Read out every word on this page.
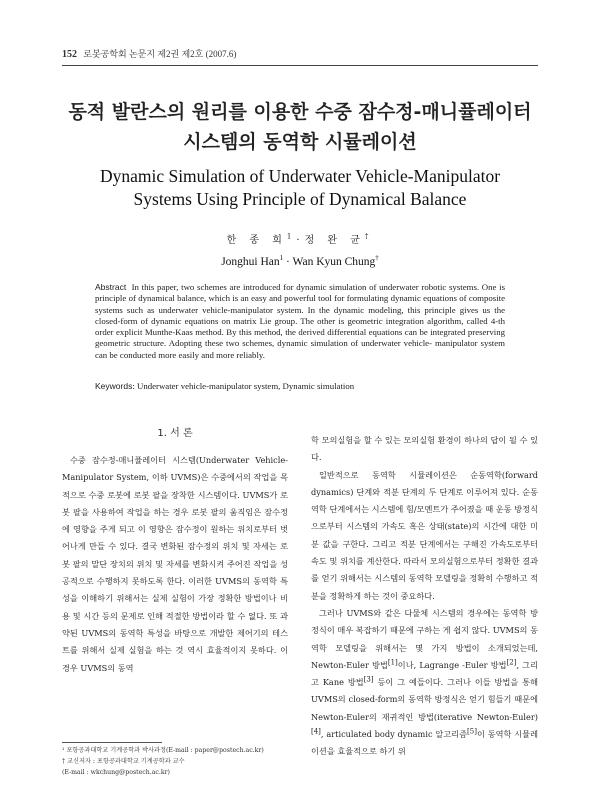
152 로봇공학회 논문지 제2권 제2호 (2007.6)
동적 발란스의 원리를 이용한 수중 잠수정-매니퓰레이터
시스템의 동역학 시뮬레이션
Dynamic Simulation of Underwater Vehicle-Manipulator
Systems Using Principle of Dynamical Balance
한 종 희$^1$·정 완 균†
Jonghui Han$^1$ · Wan Kyun Chung†
Abstract In this paper, two schemes are introduced for dynamic simulation of underwater robotic systems. One is principle of dynamical balance, which is an easy and powerful tool for formulating dynamic equations of composite systems such as underwater vehicle-manipulator system. In the dynamic modeling, this principle gives us the closed-form of dynamic equations on matrix Lie group. The other is geometric integration algorithm, called 4-th order explicit Munthe-Kaas method. By this method, the derived differential equations can be integrated preserving geometric structure. Adopting these two schemes, dynamic simulation of underwater vehicle- manipulator system can be conducted more easily and more reliably.
Keywords: Underwater vehicle-manipulator system, Dynamic simulation
1. 서 론

수중 잠수정-매니퓰레이터 시스템(Underwater Vehicle-Manipulator System, 이하 UVMS)은 수중에서의 작업을 목적으로 수중 로봇에 로봇 팔을 장착한 시스템이다. UVMS가 로봇 팔을 사용하여 작업을 하는 경우 로봇 팔의 움직임은 잠수정에 영향을 주게 되고 이 영향은 잠수정이 원하는 위치로부터 벗어나게 만들 수 있다. 결국 변화된 잠수정의 위치 및 자세는 로봇 팔의 말단 장치의 위치 및 자세를 변화시켜 주어진 작업을 성공적으로 수행하지 못하도록 한다. 이러한 UVMS의 동역학 특성을 이해하기 위해서는 실제 실험이 가장 정확한 방법이나 비용 및 시간 등의 문제로 인해 적절한 방법이라 할 수 없다. 또 과약된 UVMS의 동역학 특성을 바탕으로 개발한 제어기의 테스트를 위해서 실제 실험을 하는 것 역시 효율적이지 못하다. 이 경우 UVMS의 동역

학 모의실험을 할 수 있는 모의실험 환경이 하나의 답이 될 수 있다.

일반적으로 동역학 시뮬레이션은 순동역학(forward dynamics) 단계와 적분 단계의 두 단계로 이루어져 있다. 순동역학 단계에서는 시스템에 힘/모멘트가 주어졌을 때 운동 방정식으로부터 시스템의 가속도 혹은 상태(state)의 시간에 대한 미분 값을 구한다. 그리고 적분 단계에서는 구해진 가속도로부터 속도 및 위치를 계산한다. 따라서 모의실험으로부터 정확한 결과를 얻기 위해서는 시스템의 동역학 모델링을 정확히 수행하고 적분을 정확하게 하는 것이 중요하다.

그러나 UVMS와 같은 다물체 시스템의 경우에는 동역학 방정식이 매우 복잡하기 때문에 구하는 게 쉽지 않다. UVMS의 동역학 모델링을 위해서는 몇 가지 방법이 소개되었는데, Newton-Euler 방법[1]이나, Lagrange -Euler 방법[2], 그리고 Kane 방법[3] 등이 그 예들이다. 그러나 이들 방법을 통해 UVMS의 closed-form의 동역학 방정식은 얻기 힘들기 때문에 Newton-Euler의 재귀적인 방법(iterative Newton-Euler)[4], articulated body dynamic 알고리즘[5]이 동역학 시뮬레이션을 효율적으로 하기 위

¹ 포항공과대학교 기계공학과 박사과정(E-mail : paper@postech.ac.kr)
† 교신저자 : 포항공과대학교 기계공학과 교수
(E-mail : wkchung@postech.ac.kr)
